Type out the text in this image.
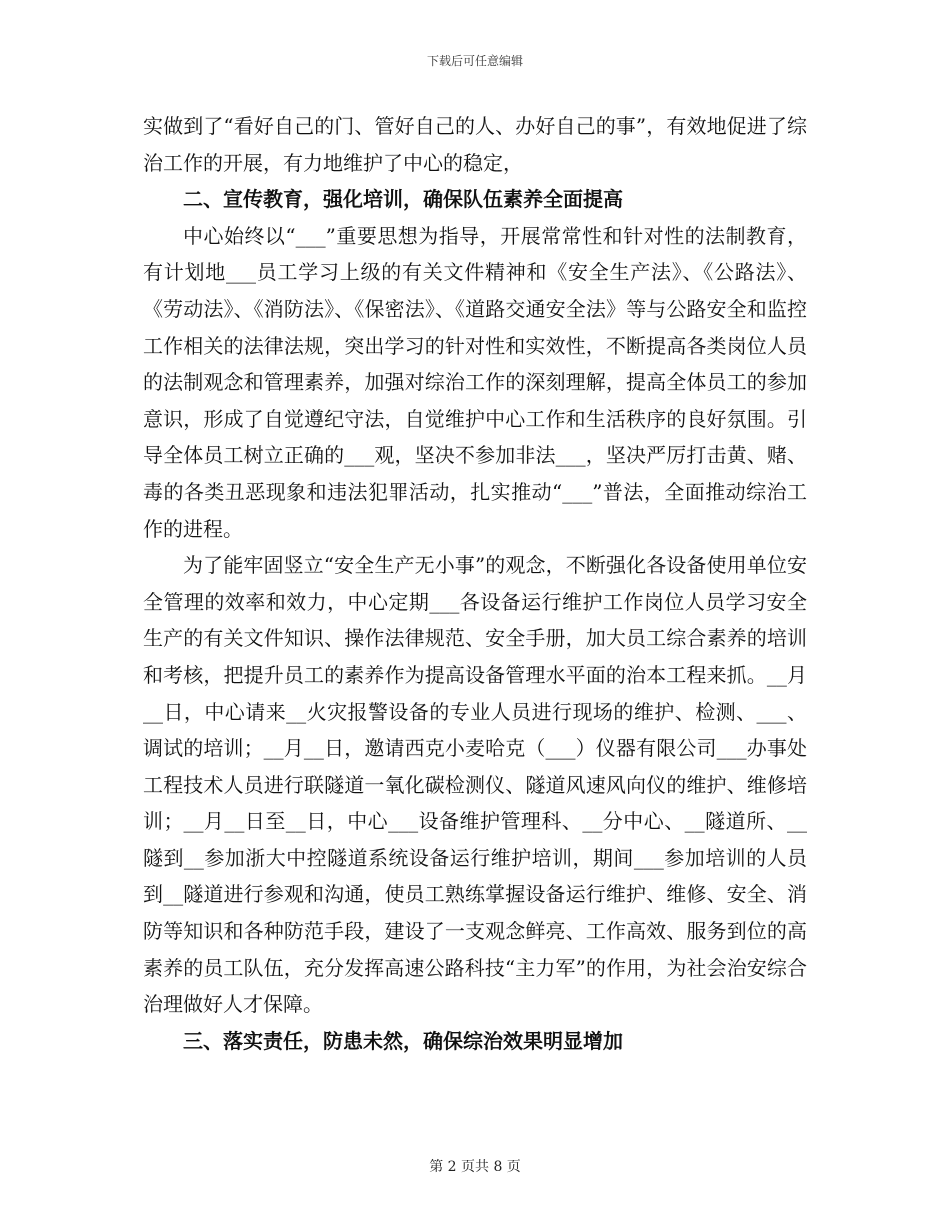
下载后可任意编辑

实做到了“看好自己的门、管好自己的人、办好自己的事”，有效地促进了综治工作的开展，有力地维护了中心的稳定，

二、宣传教育，强化培训，确保队伍素养全面提高

中心始终以“___”重要思想为指导，开展常常性和针对性的法制教育，有计划地___员工学习上级的有关文件精神和《安全生产法》、《公路法》、《劳动法》、《消防法》、《保密法》、《道路交通安全法》等与公路安全和监控工作相关的法律法规，突出学习的针对性和实效性，不断提高各类岗位人员的法制观念和管理素养，加强对综治工作的深刻理解，提高全体员工的参加意识，形成了自觉遵纪守法，自觉维护中心工作和生活秩序的良好氛围。引导全体员工树立正确的___观，坚决不参加非法___，坚决严厉打击黄、赌、毒的各类丑恶现象和违法犯罪活动，扎实推动“___”普法，全面推动综治工作的进程。

为了能牢固竖立“安全生产无小事”的观念，不断强化各设备使用单位安全管理的效率和效力，中心定期___各设备运行维护工作岗位人员学习安全生产的有关文件知识、操作法律规范、安全手册，加大员工综合素养的培训和考核，把提升员工的素养作为提高设备管理水平面的治本工程来抓。__月__日，中心请来__火灾报警设备的专业人员进行现场的维护、检测、___、调试的培训；__月__日，邀请西克小麦哈克（___）仪器有限公司___办事处工程技术人员进行联隧道一氧化碳检测仪、隧道风速风向仪的维护、维修培训；__月__日至__日，中心___设备维护管理科、__分中心、__隧道所、__隧到__参加浙大中控隧道系统设备运行维护培训，期间___参加培训的人员到__隧道进行参观和沟通，使员工熟练掌握设备运行维护、维修、安全、消防等知识和各种防范手段，建设了一支观念鲜亮、工作高效、服务到位的高素养的员工队伍，充分发挥高速公路科技“主力军”的作用，为社会治安综合治理做好人才保障。

三、落实责任，防患未然，确保综治效果明显增加

第 2 页共 8 页
